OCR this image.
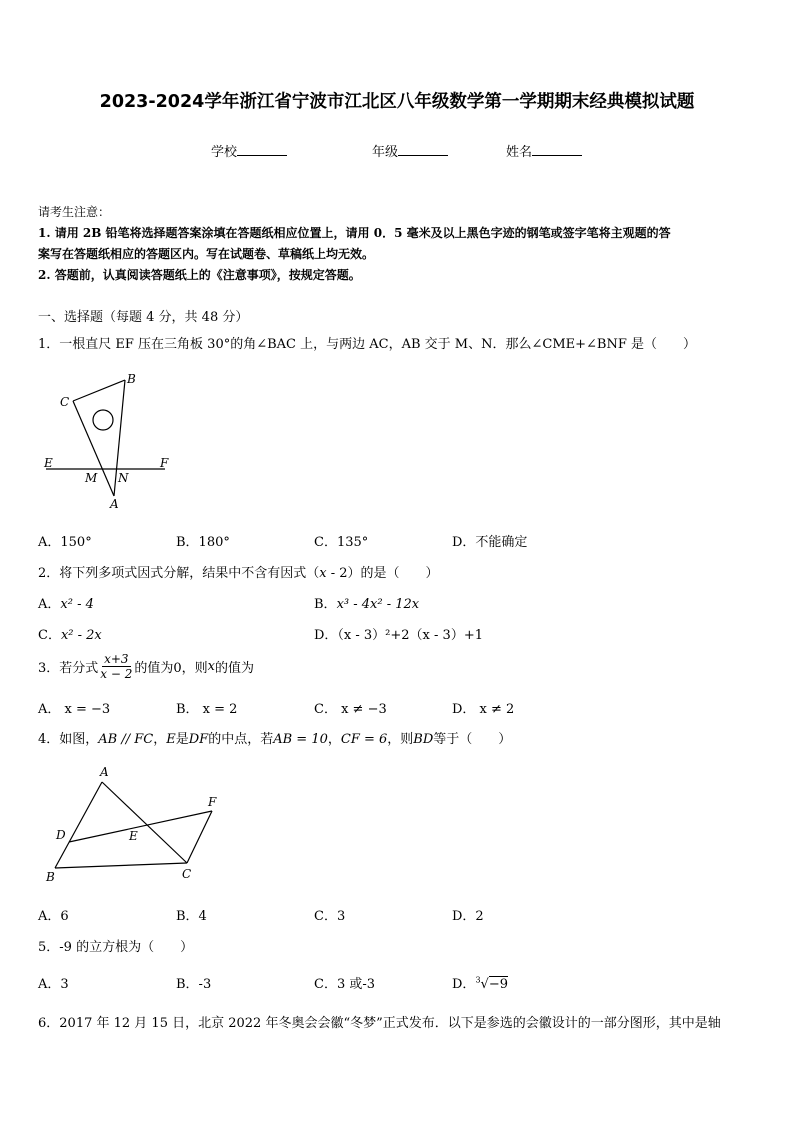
2023-2024学年浙江省宁波市江北区八年级数学第一学期期末经典模拟试题
学校	年级	姓名
请考生注意：
1. 请用 2B 铅笔将选择题答案涂填在答题纸相应位置上，请用 0．5 毫米及以上黑色字迹的钢笔或签字笔将主观题的答
案写在答题纸相应的答题区内。写在试题卷、草稿纸上均无效。
2. 答题前，认真阅读答题纸上的《注意事项》，按规定答题。
一、选择题（每题 4 分，共 48 分）
1．一根直尺 EF 压在三角板 30°的角∠BAC 上，与两边 AC，AB 交于 M、N．那么∠CME+∠BNF 是（　　）
B
C
E	F
M N
A
A．150°	B．180°	C．135°	D．不能确定
2．将下列多项式因式分解，结果中不含有因式（x - 2）的是（　　）
A．x² - 4	B．x³ - 4x² - 12x
C．x² - 2x	D．（x - 3）²+2（x - 3）+1
3．若分式 $\frac{x+3}{x - 2}$ 的值为0，则 x 的值为
A． x = −3	B． x = 2	C． x ≠ −3	D． x ≠ 2
4．如图，AB // FC，E是DF的中点，若AB = 10，CF = 6，则BD等于（　　）
A
F
D	E
B	C
A．6	B．4	C．3	D．2
5．-9 的立方根为（　　）
A．3	B．-3	C．3 或-3	D．$^3$√−9
6．2017 年 12 月 15 日，北京 2022 年冬奥会会徽“冬梦”正式发布．以下是参选的会徽设计的一部分图形，其中是轴
